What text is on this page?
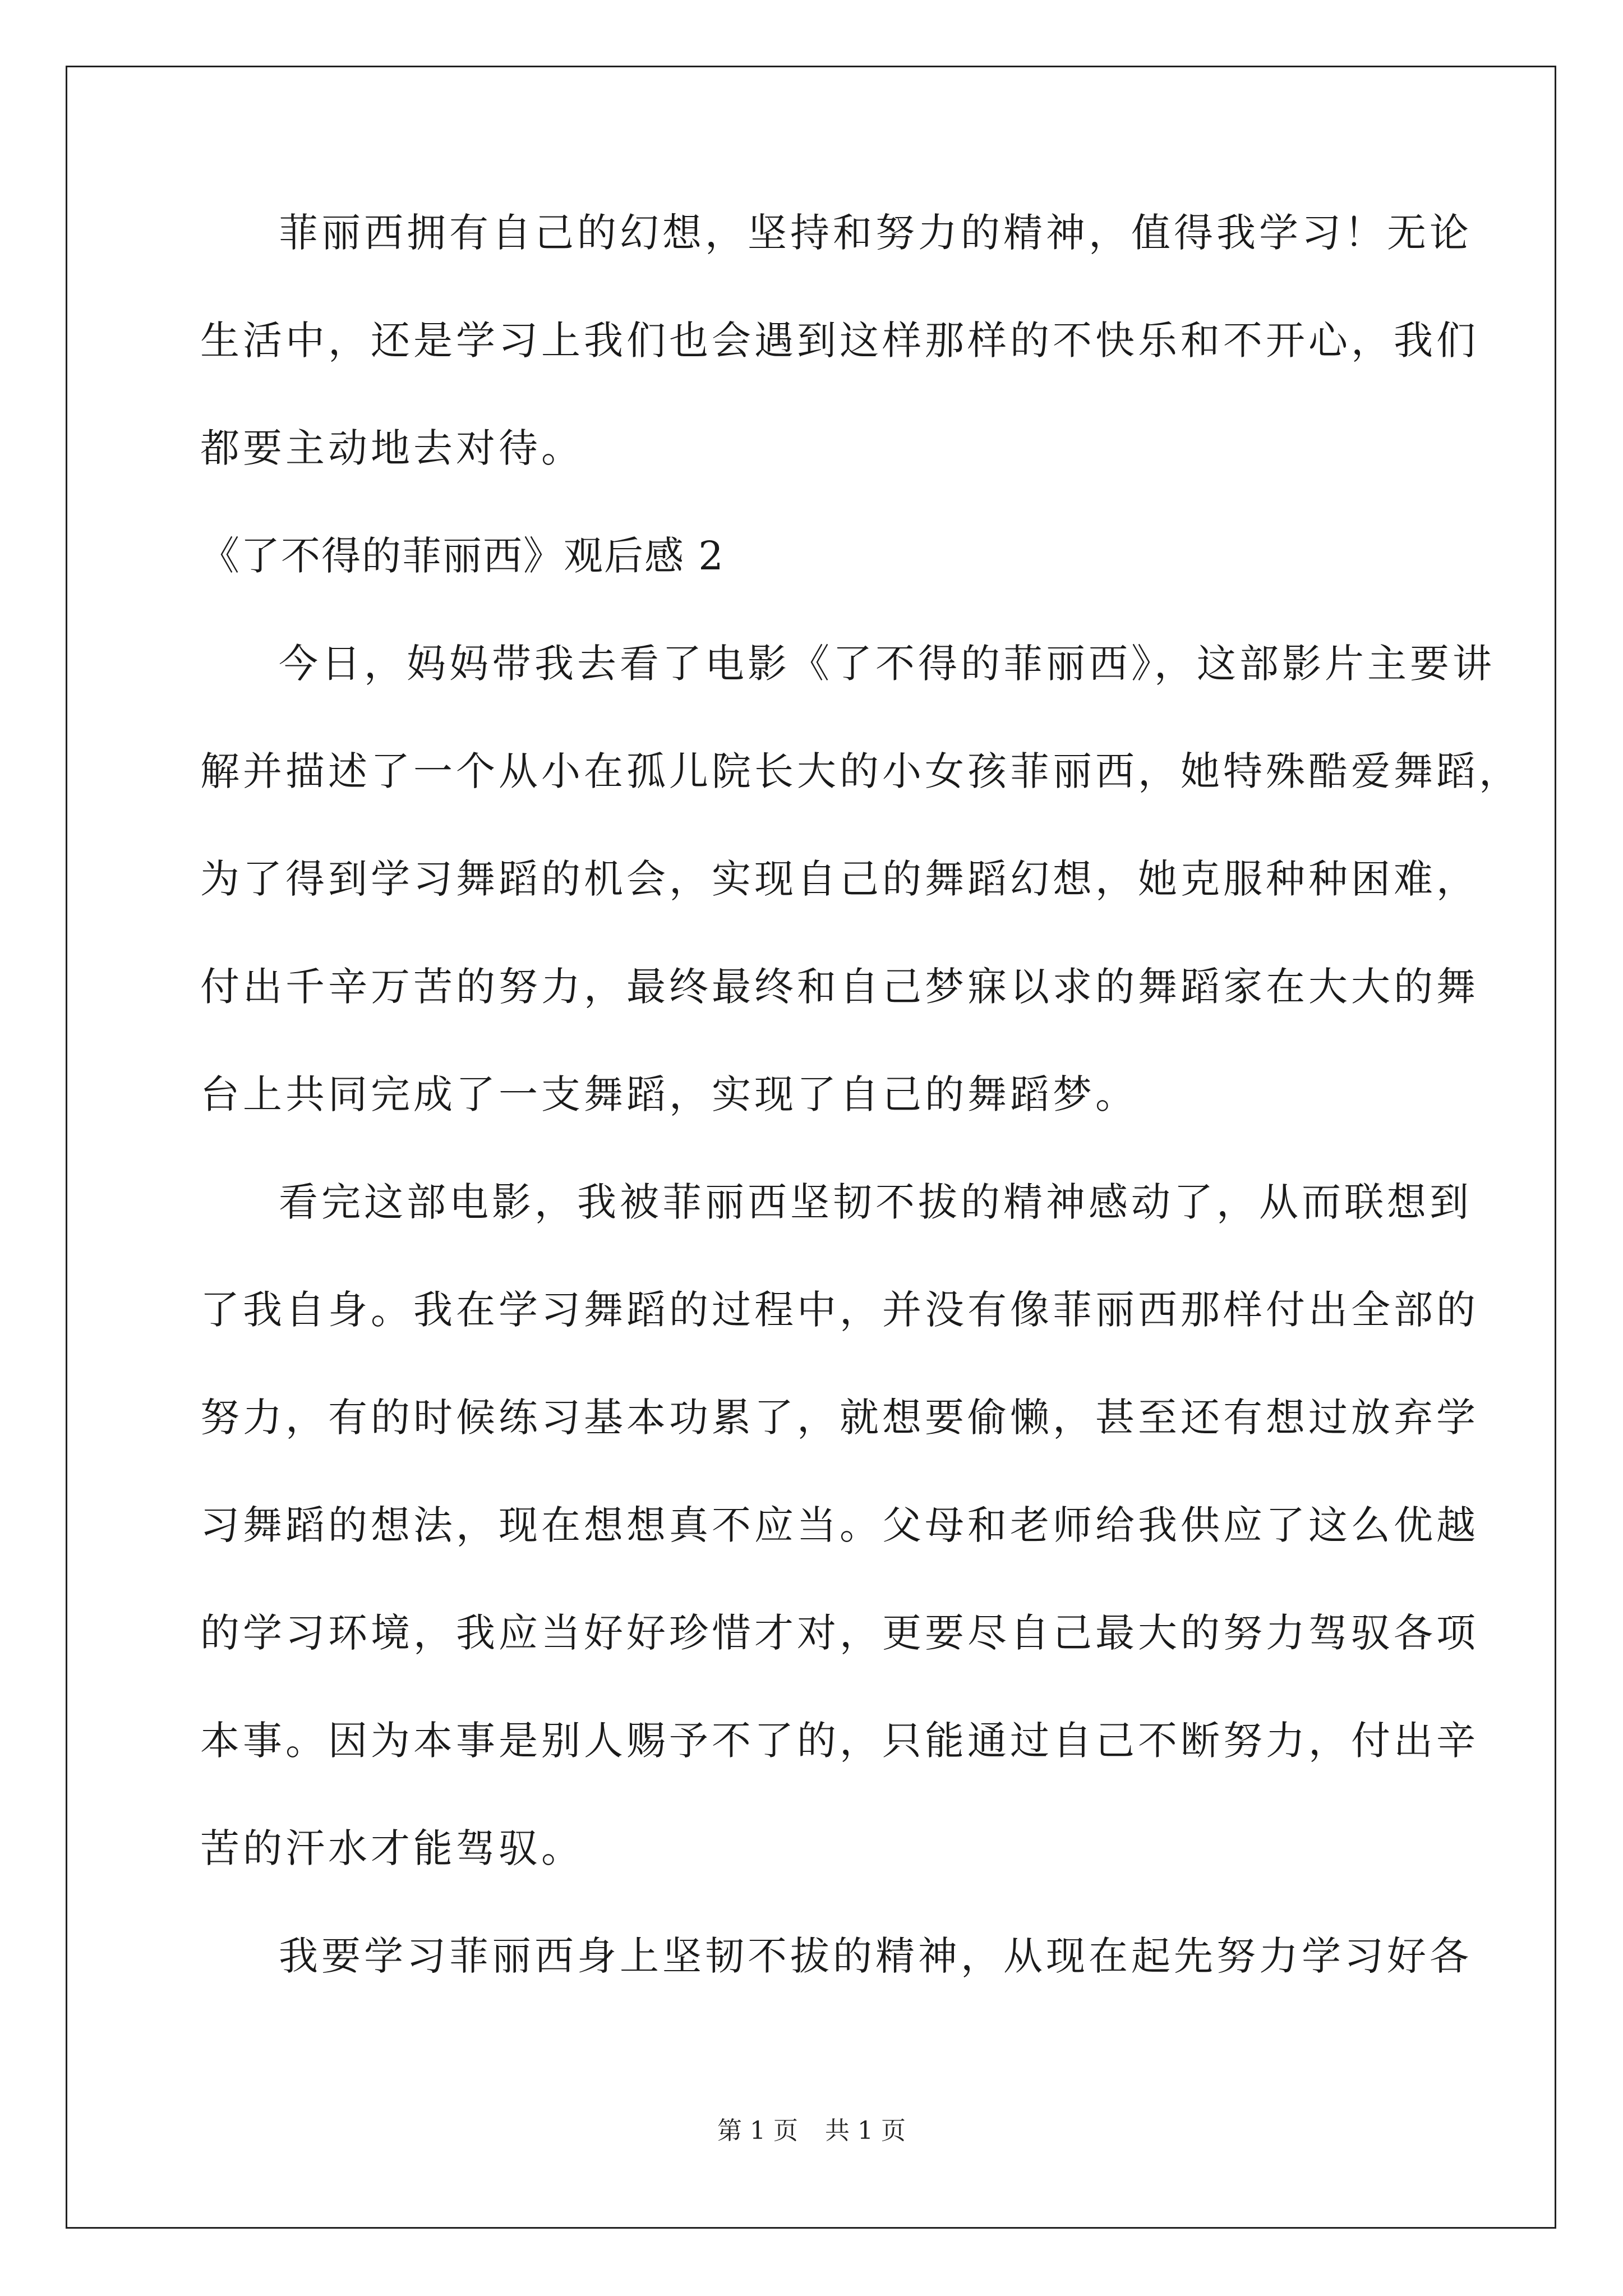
菲丽西拥有自己的幻想，坚持和努力的精神，值得我学习！无论
生活中，还是学习上我们也会遇到这样那样的不快乐和不开心，我们
都要主动地去对待。
《了不得的菲丽西》观后感 2
今日，妈妈带我去看了电影《了不得的菲丽西》，这部影片主要讲
解并描述了一个从小在孤儿院长大的小女孩菲丽西，她特殊酷爱舞蹈，
为了得到学习舞蹈的机会，实现自己的舞蹈幻想，她克服种种困难，
付出千辛万苦的努力，最终最终和自己梦寐以求的舞蹈家在大大的舞
台上共同完成了一支舞蹈，实现了自己的舞蹈梦。
看完这部电影，我被菲丽西坚韧不拔的精神感动了，从而联想到
了我自身。我在学习舞蹈的过程中，并没有像菲丽西那样付出全部的
努力，有的时候练习基本功累了，就想要偷懒，甚至还有想过放弃学
习舞蹈的想法，现在想想真不应当。父母和老师给我供应了这么优越
的学习环境，我应当好好珍惜才对，更要尽自己最大的努力驾驭各项
本事。因为本事是别人赐予不了的，只能通过自己不断努力，付出辛
苦的汗水才能驾驭。
我要学习菲丽西身上坚韧不拔的精神，从现在起先努力学习好各
第 1 页 共 1 页
